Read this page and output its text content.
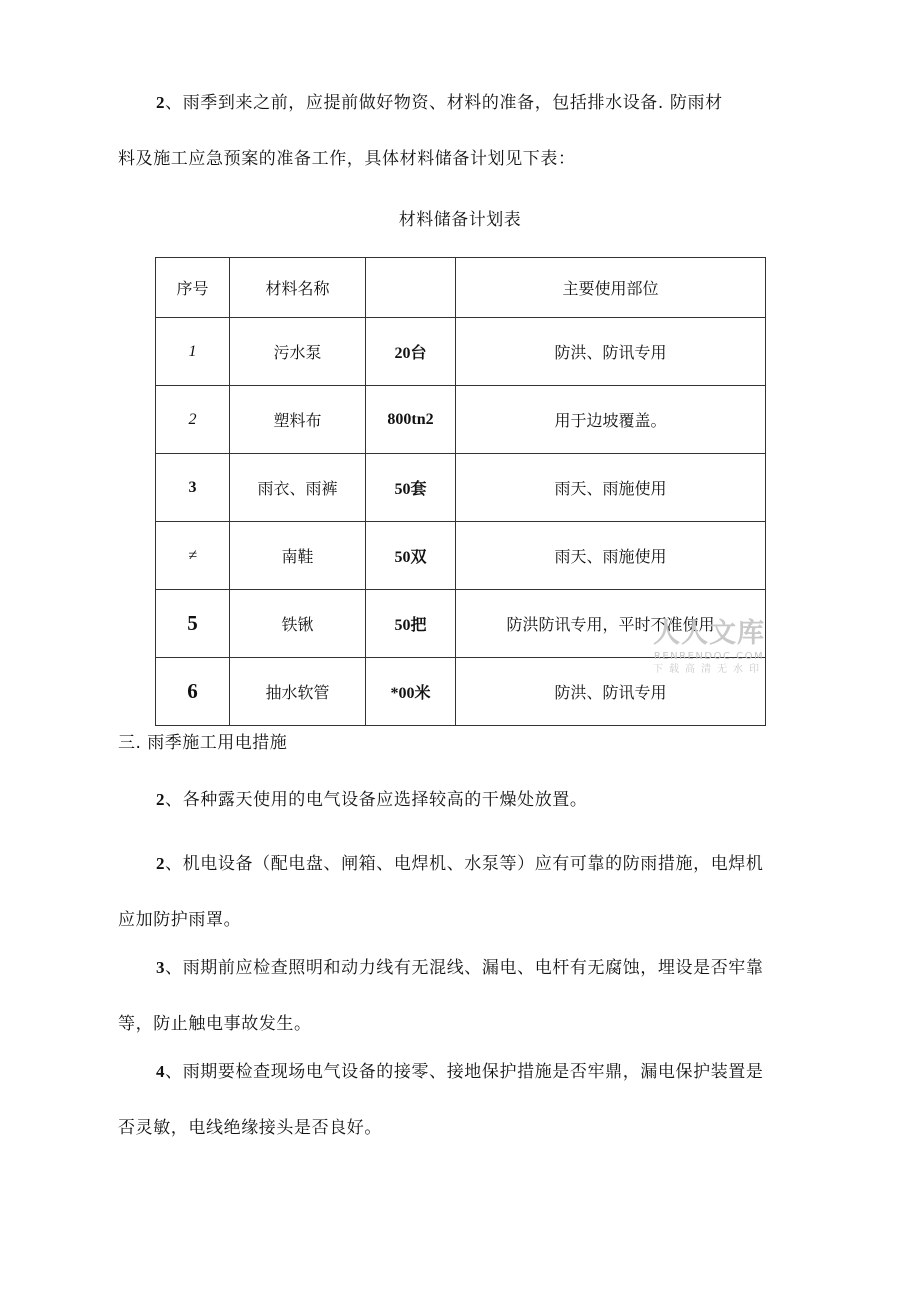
2、雨季到来之前，应提前做好物资、材料的准备，包括排水设备. 防雨材
料及施工应急预案的准备工作，具体材料储备计划见下表：

材料储备计划表
序号	材料名称		主要使用部位
1	污水泵	20台	防洪、防讯专用
2	塑料布	800tn2	用于边坡覆盖。
3	雨衣、雨裤	50套	雨天、雨施使用
≠	南鞋	50双	雨天、雨施使用
5	铁锹	50把	防洪防讯专用，平时不准使用
6	抽水软管	*00米	防洪、防讯专用
人人文库
RENRENDOC.COM
下载高清无水印
三. 雨季施工用电措施

2、各种露天使用的电气设备应选择较高的干燥处放置。

2、机电设备（配电盘、闸箱、电焊机、水泵等）应有可靠的防雨措施，电焊机应加防护雨罩。

3、雨期前应检查照明和动力线有无混线、漏电、电杆有无腐蚀，埋设是否牢靠等，防止触电事故发生。

4、雨期要检查现场电气设备的接零、接地保护措施是否牢鼎，漏电保护装置是否灵敏，电线绝缘接头是否良好。
